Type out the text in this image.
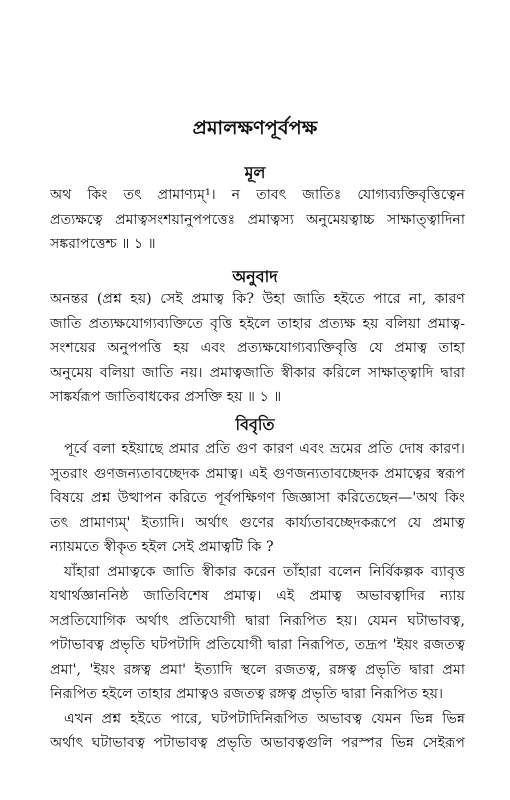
প্রমালক্ষণপূর্বপক্ষ
মূল
অথ কিং তৎ প্রামাণ্যম্¹। ন তাবৎ জাতিঃ যোগ্যব্যক্তিবৃত্তিত্বেন
প্রত্যক্ষত্বে প্রমাত্বসংশয়ানুপপত্তেঃ প্রমাত্বস্য অনুমেয়ত্বাচ্চ সাক্ষাত্ত্বাদিনা
সঙ্করাপত্তেশ্চ ॥ ১ ॥
অনুবাদ
অনন্তর (প্রশ্ন হয়) সেই প্রমাত্ব কি? উহা জাতি হইতে পারে না, কারণ
জাতি প্রত্যক্ষযোগ্যব্যক্তিতে বৃত্তি হইলে তাহার প্রত্যক্ষ হয় বলিয়া প্রমাত্ব-
সংশয়ের অনুপপত্তি হয় এবং প্রত্যক্ষযোগ্যব্যক্তিবৃত্তি যে প্রমাত্ব তাহা
অনুমেয় বলিয়া জাতি নয়। প্রমাত্বজাতি স্বীকার করিলে সাক্ষাত্ত্বাদি দ্বারা
সাঙ্কর্যরূপ জাতিবাধকের প্রসক্তি হয় ॥ ১ ॥
বিবৃতি
পূর্বে বলা হইয়াছে প্রমার প্রতি গুণ কারণ এবং ভ্রমের প্রতি দোষ কারণ।
সুতরাং গুণজন্যতাবচ্ছেদক প্রমাত্ব। এই গুণজন্যতাবচ্ছেদক প্রমাত্বের স্বরূপ
বিষয়ে প্রশ্ন উত্থাপন করিতে পূর্বপক্ষিগণ জিজ্ঞাসা করিতেছেন—'অথ কিং
তৎ প্রামাণ্যম্' ইত্যাদি। অর্থাৎ গুণের কার্য্যতাবচ্ছেদকরূপে যে প্রমাত্ব
ন্যায়মতে স্বীকৃত হইল সেই প্রমাত্বটি কি ?
যাঁহারা প্রমাত্বকে জাতি স্বীকার করেন তাঁহারা বলেন নির্বিকল্পক ব্যাবৃত্ত
যথার্থজ্ঞাননিষ্ঠ জাতিবিশেষ প্রমাত্ব। এই প্রমাত্ব অভাবত্বাদির ন্যায়
সপ্রতিযোগিক অর্থাৎ প্রতিযোগী দ্বারা নিরূপিত হয়। যেমন ঘটাভাবত্ব,
পটাভাবত্ব প্রভৃতি ঘটপটাদি প্রতিযোগী দ্বারা নিরূপিত, তদ্রূপ 'ইয়ং রজতত্ব
প্রমা', 'ইয়ং রঙ্গত্ব প্রমা' ইত্যাদি স্থলে রজতত্ব, রঙ্গত্ব প্রভৃতি দ্বারা প্রমা
নিরূপিত হইলে তাহার প্রমাত্বও রজতত্ব রঙ্গত্ব প্রভৃতি দ্বারা নিরূপিত হয়।
এখন প্রশ্ন হইতে পারে, ঘটপটাদিনিরূপিত অভাবত্ব যেমন ভিন্ন ভিন্ন
অর্থাৎ ঘটাভাবত্ব পটাভাবত্ব প্রভৃতি অভাবত্বগুলি পরস্পর ভিন্ন সেইরূপ
